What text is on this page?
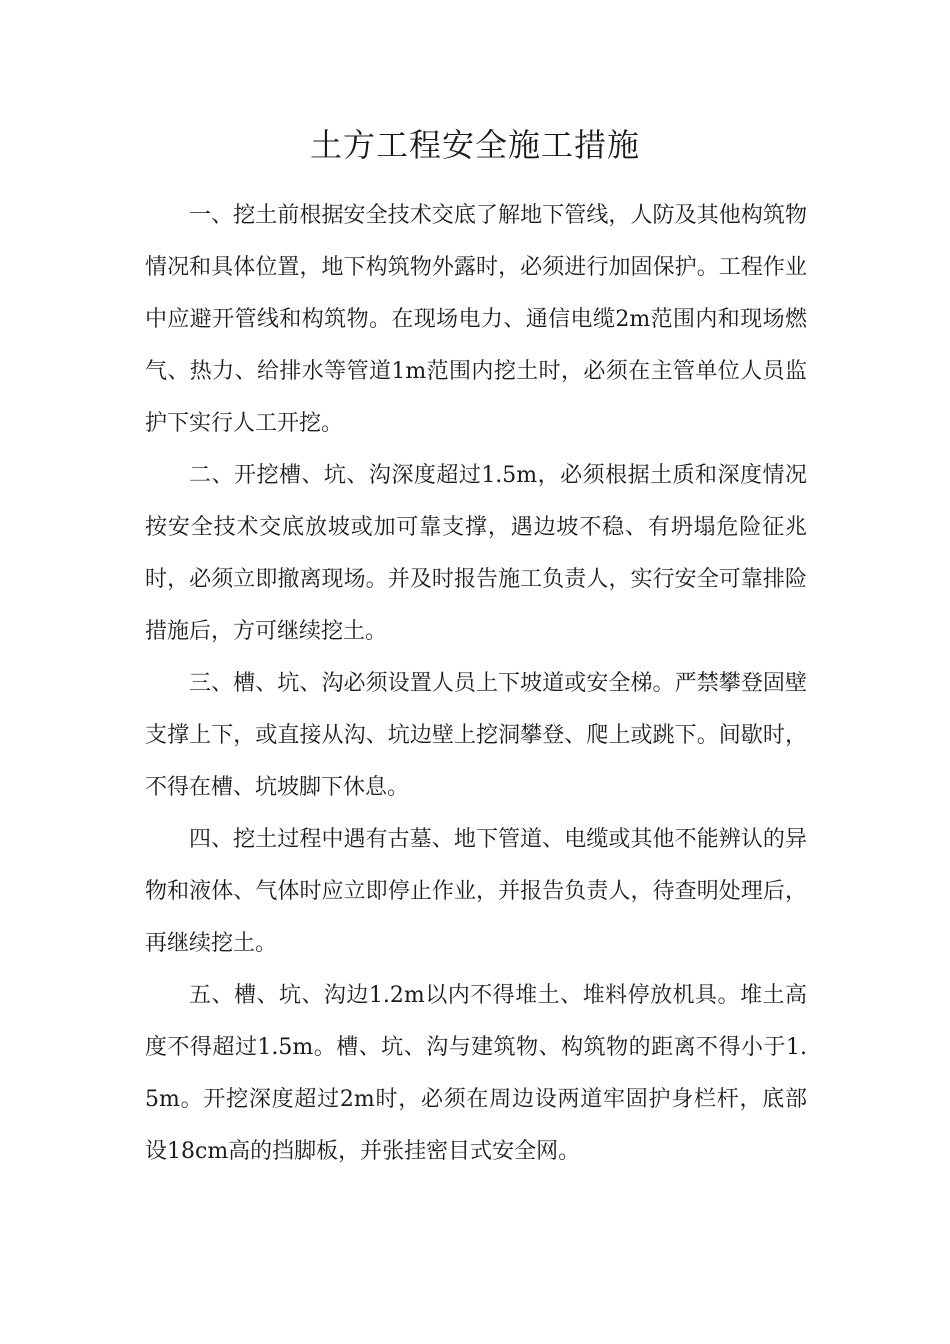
土方工程安全施工措施

一、挖土前根据安全技术交底了解地下管线，人防及其他构筑物情况和具体位置，地下构筑物外露时，必须进行加固保护。工程作业中应避开管线和构筑物。在现场电力、通信电缆2m范围内和现场燃气、热力、给排水等管道1m范围内挖土时，必须在主管单位人员监护下实行人工开挖。

二、开挖槽、坑、沟深度超过1.5m，必须根据土质和深度情况按安全技术交底放坡或加可靠支撑，遇边坡不稳、有坍塌危险征兆时，必须立即撤离现场。并及时报告施工负责人，实行安全可靠排险措施后，方可继续挖土。

三、槽、坑、沟必须设置人员上下坡道或安全梯。严禁攀登固壁支撑上下，或直接从沟、坑边壁上挖洞攀登、爬上或跳下。间歇时，不得在槽、坑坡脚下休息。

四、挖土过程中遇有古墓、地下管道、电缆或其他不能辨认的异物和液体、气体时应立即停止作业，并报告负责人，待查明处理后，再继续挖土。

五、槽、坑、沟边1.2m以内不得堆土、堆料停放机具。堆土高度不得超过1.5m。槽、坑、沟与建筑物、构筑物的距离不得小于1.5m。开挖深度超过2m时，必须在周边设两道牢固护身栏杆，底部设18cm高的挡脚板，并张挂密目式安全网。
